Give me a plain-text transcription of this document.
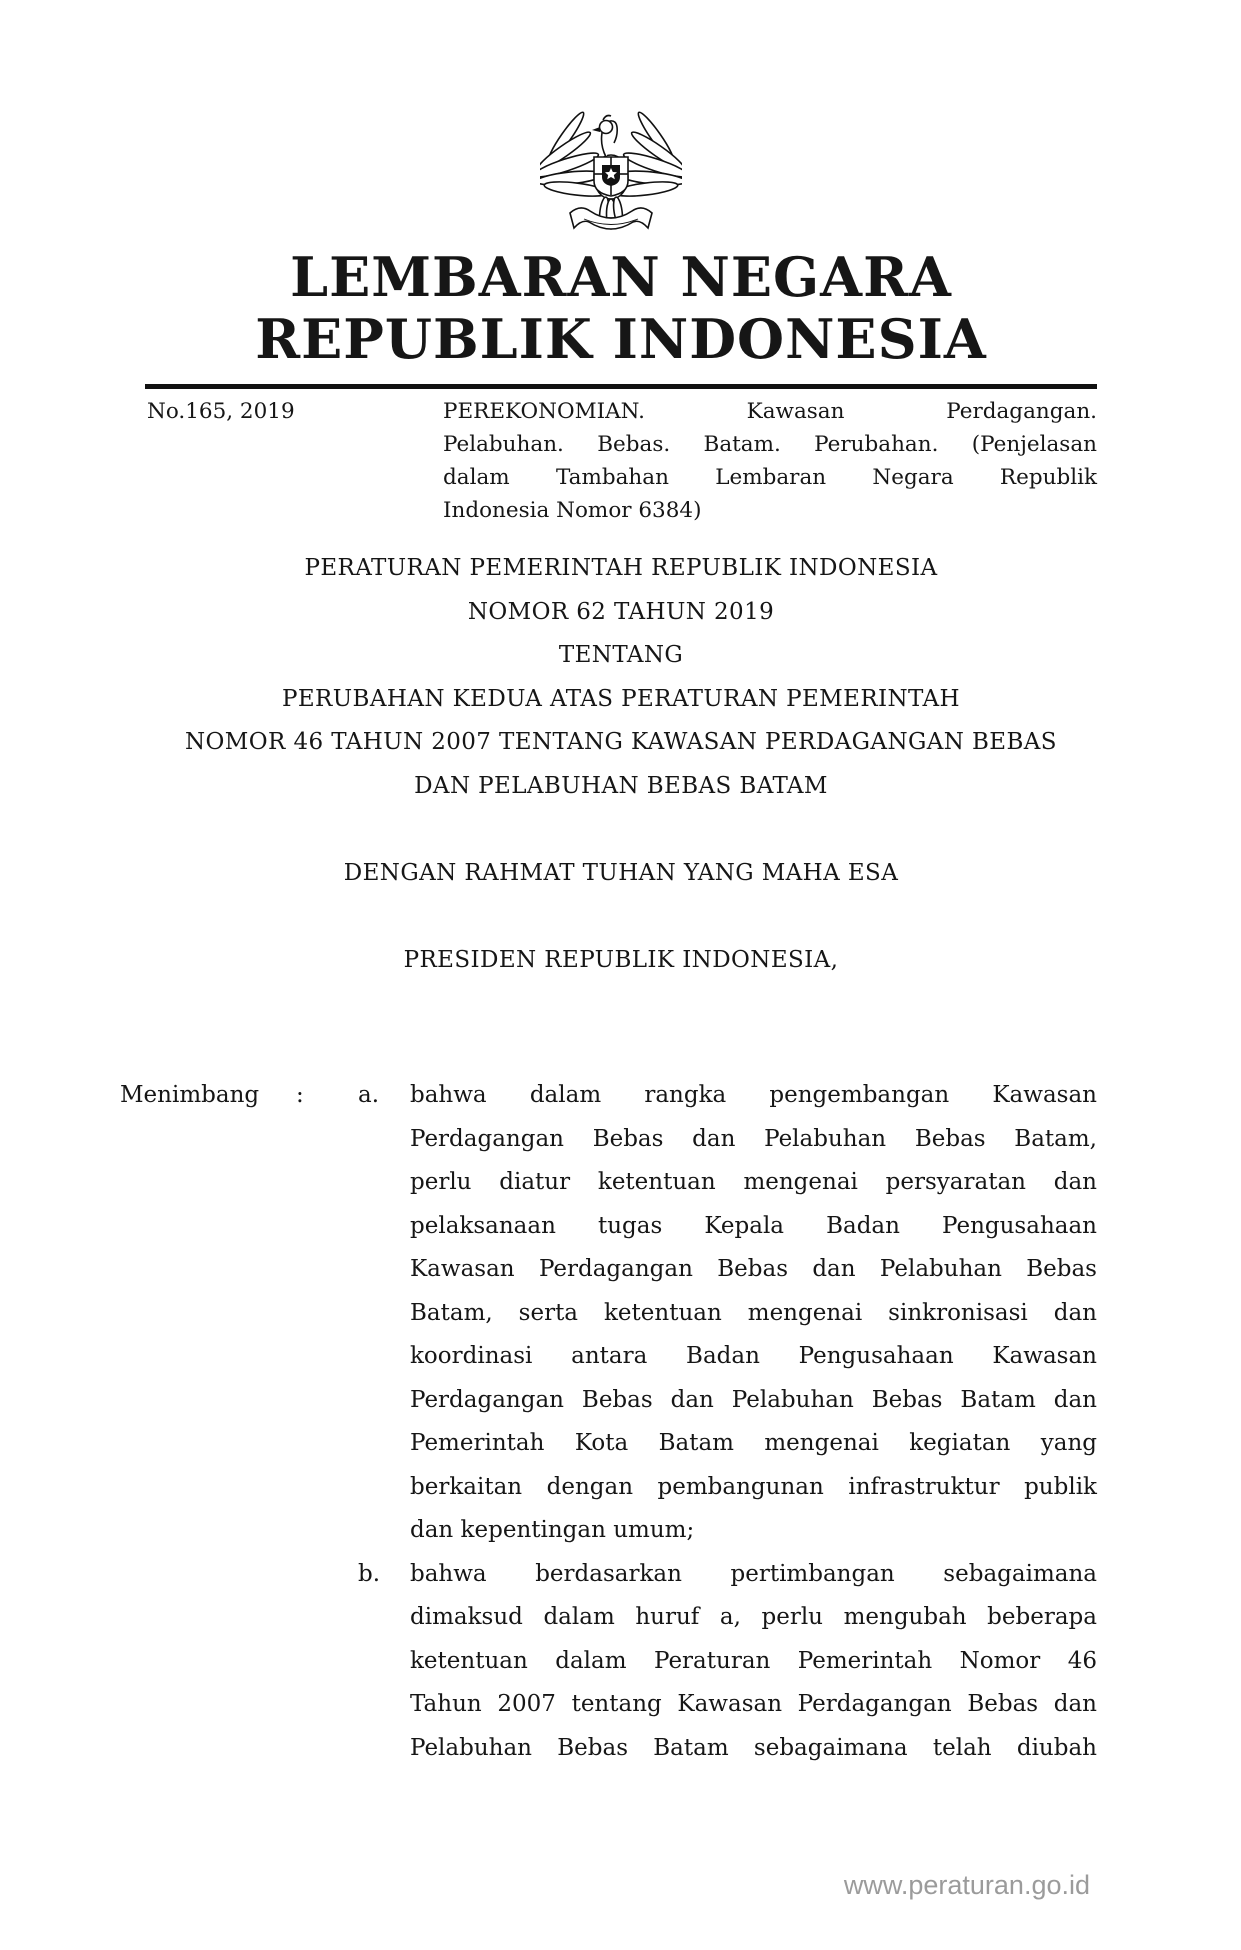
LEMBARAN NEGARA
REPUBLIK INDONESIA
No.165, 2019	PEREKONOMIAN. Kawasan Perdagangan.
Pelabuhan. Bebas. Batam. Perubahan. (Penjelasan
dalam Tambahan Lembaran Negara Republik
Indonesia Nomor 6384)
PERATURAN PEMERINTAH REPUBLIK INDONESIA
NOMOR 62 TAHUN 2019
TENTANG
PERUBAHAN KEDUA ATAS PERATURAN PEMERINTAH
NOMOR 46 TAHUN 2007 TENTANG KAWASAN PERDAGANGAN BEBAS
DAN PELABUHAN BEBAS BATAM
DENGAN RAHMAT TUHAN YANG MAHA ESA
PRESIDEN REPUBLIK INDONESIA,
Menimbang	:	a.	bahwa dalam rangka pengembangan Kawasan
Perdagangan Bebas dan Pelabuhan Bebas Batam,
perlu diatur ketentuan mengenai persyaratan dan
pelaksanaan tugas Kepala Badan Pengusahaan
Kawasan Perdagangan Bebas dan Pelabuhan Bebas
Batam, serta ketentuan mengenai sinkronisasi dan
koordinasi antara Badan Pengusahaan Kawasan
Perdagangan Bebas dan Pelabuhan Bebas Batam dan
Pemerintah Kota Batam mengenai kegiatan yang
berkaitan dengan pembangunan infrastruktur publik
dan kepentingan umum;
b.	bahwa berdasarkan pertimbangan sebagaimana
dimaksud dalam huruf a, perlu mengubah beberapa
ketentuan dalam Peraturan Pemerintah Nomor 46
Tahun 2007 tentang Kawasan Perdagangan Bebas dan
Pelabuhan Bebas Batam sebagaimana telah diubah
www.peraturan.go.id
